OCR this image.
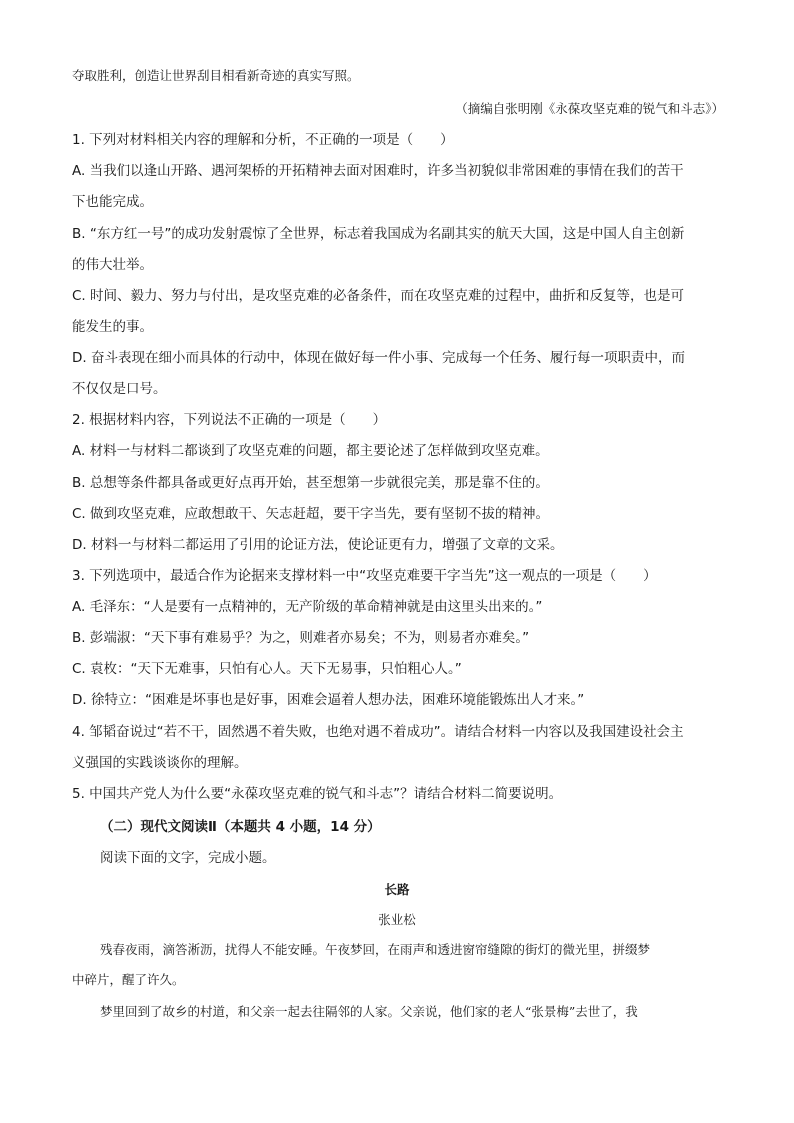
夺取胜利，创造让世界刮目相看新奇迹的真实写照。
（摘编自张明刚《永葆攻坚克难的锐气和斗志》）
1. 下列对材料相关内容的理解和分析，不正确的一项是（　　）
A. 当我们以逢山开路、遇河架桥的开拓精神去面对困难时，许多当初貌似非常困难的事情在我们的苦干
下也能完成。
B. “东方红一号”的成功发射震惊了全世界，标志着我国成为名副其实的航天大国，这是中国人自主创新
的伟大壮举。
C. 时间、毅力、努力与付出，是攻坚克难的必备条件，而在攻坚克难的过程中，曲折和反复等，也是可
能发生的事。
D. 奋斗表现在细小而具体的行动中，体现在做好每一件小事、完成每一个任务、履行每一项职责中，而
不仅仅是口号。
2. 根据材料内容，下列说法不正确的一项是（　　）
A. 材料一与材料二都谈到了攻坚克难的问题，都主要论述了怎样做到攻坚克难。
B. 总想等条件都具备或更好点再开始，甚至想第一步就很完美，那是靠不住的。
C. 做到攻坚克难，应敢想敢干、矢志赶超，要干字当先，要有坚韧不拔的精神。
D. 材料一与材料二都运用了引用的论证方法，使论证更有力，增强了文章的文采。
3. 下列选项中，最适合作为论据来支撑材料一中“攻坚克难要干字当先”这一观点的一项是（　　）
A. 毛泽东：“人是要有一点精神的，无产阶级的革命精神就是由这里头出来的。”
B. 彭端淑：“天下事有难易乎？为之，则难者亦易矣；不为，则易者亦难矣。”
C. 袁枚：“天下无难事，只怕有心人。天下无易事，只怕粗心人。”
D. 徐特立：“困难是坏事也是好事，困难会逼着人想办法，困难环境能锻炼出人才来。”
4. 邹韬奋说过“若不干，固然遇不着失败，也绝对遇不着成功”。请结合材料一内容以及我国建设社会主
义强国的实践谈谈你的理解。
5. 中国共产党人为什么要“永葆攻坚克难的锐气和斗志”？请结合材料二简要说明。
（二）现代文阅读Ⅱ（本题共 4 小题，14 分）
阅读下面的文字，完成小题。
长路
张业松
残春夜雨，滴答淅沥，扰得人不能安睡。午夜梦回，在雨声和透进窗帘缝隙的街灯的微光里，拼缀梦
中碎片，醒了许久。
梦里回到了故乡的村道，和父亲一起去往隔邻的人家。父亲说，他们家的老人“张景梅”去世了，我
